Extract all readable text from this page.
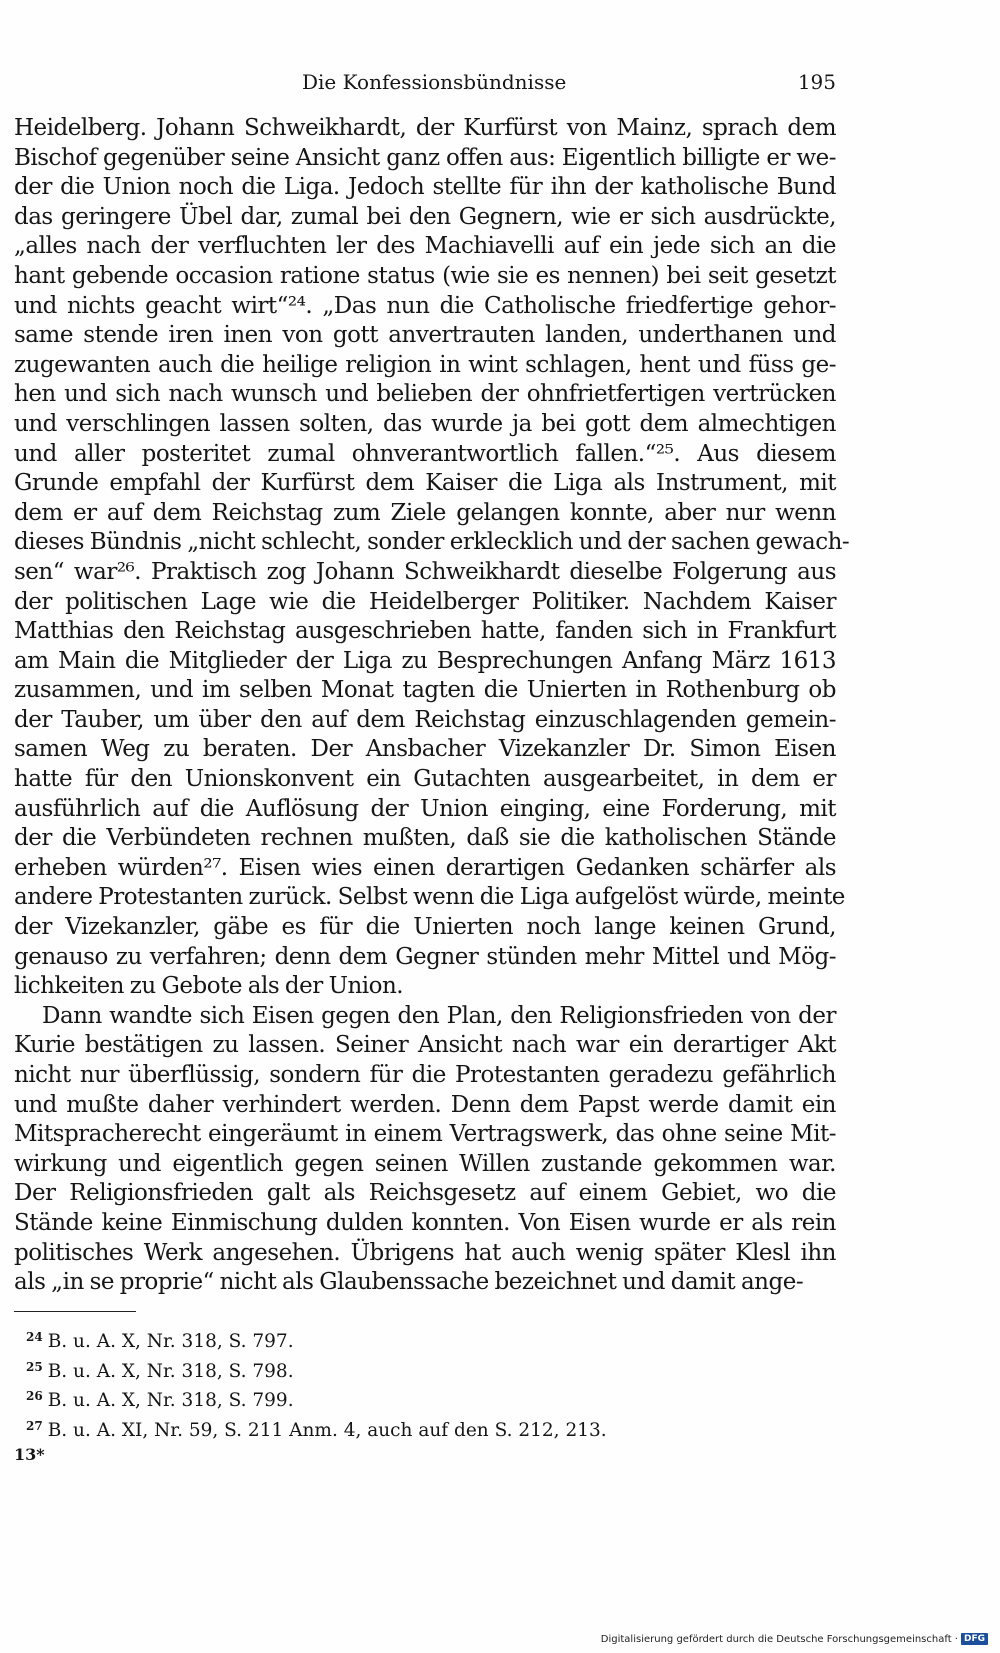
Die Konfessionsbündnisse	195
Heidelberg. Johann Schweikhardt, der Kurfürst von Mainz, sprach dem
Bischof gegenüber seine Ansicht ganz offen aus: Eigentlich billigte er we-
der die Union noch die Liga. Jedoch stellte für ihn der katholische Bund
das geringere Übel dar, zumal bei den Gegnern, wie er sich ausdrückte,
„alles nach der verfluchten ler des Machiavelli auf ein jede sich an die
hant gebende occasion ratione status (wie sie es nennen) bei seit gesetzt
und nichts geacht wirt“²⁴. „Das nun die Catholische friedfertige gehor-
same stende iren inen von gott anvertrauten landen, underthanen und
zugewanten auch die heilige religion in wint schlagen, hent und füss ge-
hen und sich nach wunsch und belieben der ohnfrietfertigen vertrücken
und verschlingen lassen solten, das wurde ja bei gott dem almechtigen
und aller posteritet zumal ohnverantwortlich fallen.“²⁵. Aus diesem
Grunde empfahl der Kurfürst dem Kaiser die Liga als Instrument, mit
dem er auf dem Reichstag zum Ziele gelangen konnte, aber nur wenn
dieses Bündnis „nicht schlecht, sonder erklecklich und der sachen gewach-
sen“ war²⁶. Praktisch zog Johann Schweikhardt dieselbe Folgerung aus
der politischen Lage wie die Heidelberger Politiker. Nachdem Kaiser
Matthias den Reichstag ausgeschrieben hatte, fanden sich in Frankfurt
am Main die Mitglieder der Liga zu Besprechungen Anfang März 1613
zusammen, und im selben Monat tagten die Unierten in Rothenburg ob
der Tauber, um über den auf dem Reichstag einzuschlagenden gemein-
samen Weg zu beraten. Der Ansbacher Vizekanzler Dr. Simon Eisen
hatte für den Unionskonvent ein Gutachten ausgearbeitet, in dem er
ausführlich auf die Auflösung der Union einging, eine Forderung, mit
der die Verbündeten rechnen mußten, daß sie die katholischen Stände
erheben würden²⁷. Eisen wies einen derartigen Gedanken schärfer als
andere Protestanten zurück. Selbst wenn die Liga aufgelöst würde, meinte
der Vizekanzler, gäbe es für die Unierten noch lange keinen Grund,
genauso zu verfahren; denn dem Gegner stünden mehr Mittel und Mög-
lichkeiten zu Gebote als der Union.
Dann wandte sich Eisen gegen den Plan, den Religionsfrieden von der
Kurie bestätigen zu lassen. Seiner Ansicht nach war ein derartiger Akt
nicht nur überflüssig, sondern für die Protestanten geradezu gefährlich
und mußte daher verhindert werden. Denn dem Papst werde damit ein
Mitspracherecht eingeräumt in einem Vertragswerk, das ohne seine Mit-
wirkung und eigentlich gegen seinen Willen zustande gekommen war.
Der Religionsfrieden galt als Reichsgesetz auf einem Gebiet, wo die
Stände keine Einmischung dulden konnten. Von Eisen wurde er als rein
politisches Werk angesehen. Übrigens hat auch wenig später Klesl ihn
als „in se proprie“ nicht als Glaubenssache bezeichnet und damit ange-
$^{24}$ B. u. A. X, Nr. 318, S. 797.
$^{25}$ B. u. A. X, Nr. 318, S. 798.
$^{26}$ B. u. A. X, Nr. 318, S. 799.
$^{27}$ B. u. A. XI, Nr. 59, S. 211 Anm. 4, auch auf den S. 212, 213.
13*
Digitalisierung gefördert durch die Deutsche Forschungsgemeinschaft · DFG
